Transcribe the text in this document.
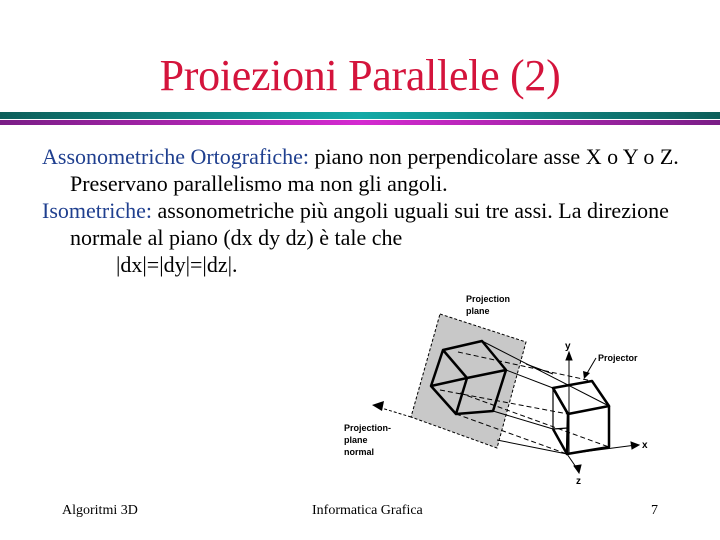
Proiezioni Parallele (2)

Assonometriche Ortografiche: piano non perpendicolare asse X o Y o Z. Preservano parallelismo ma non gli angoli.

Isometriche: assonometriche più angoli uguali sui tre assi. La direzione normale al piano (dx dy dz) è tale che

|dx|=|dy|=|dz|.

Projection
plane
Projector
Projection-
plane
normal
y
x
z
Algoritmi 3D	Informatica Grafica	7
